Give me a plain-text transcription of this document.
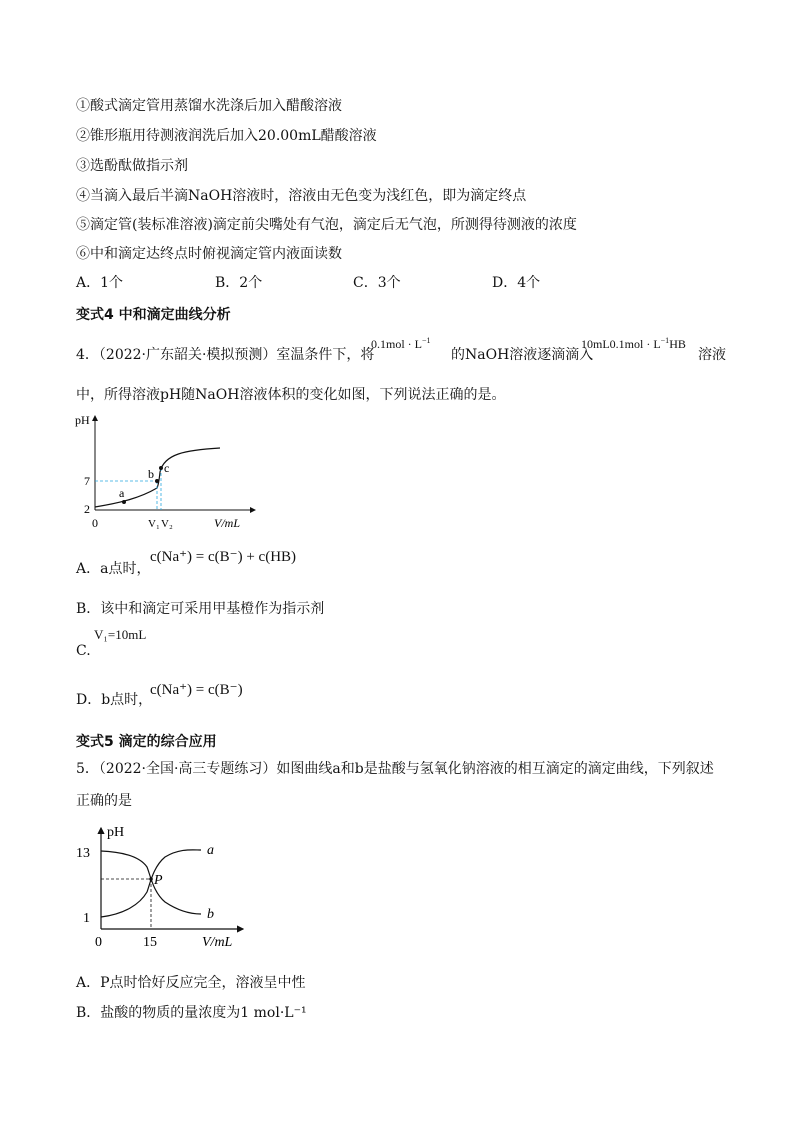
①酸式滴定管用蒸馏水洗涤后加入醋酸溶液
②锥形瓶用待测液润洗后加入20.00mL醋酸溶液
③选酚酞做指示剂
④当滴入最后半滴NaOH溶液时，溶液由无色变为浅红色，即为滴定终点
⑤滴定管(装标准溶液)滴定前尖嘴处有气泡，滴定后无气泡，所测得待测液的浓度
⑥中和滴定达终点时俯视滴定管内液面读数
A．1个	B．2个	C．3个	D．4个
变式4 中和滴定曲线分析
4．（2022·广东韶关·模拟预测）室温条件下，将
$0.1mol \cdot L^{-1}$
的NaOH溶液逐滴滴入
$10mL0.1mol \cdot L^{-1}HB$
溶液
中，所得溶液pH随NaOH溶液体积的变化如图，下列说法正确的是。
pH
7
2
0
a
b c
V₁ V₂	V/mL
A．a点时，
c(Na⁺) = c(B⁻) + c(HB)
B．该中和滴定可采用甲基橙作为指示剂
C.
V₁=10mL
D．b点时，
c(Na⁺) = c(B⁻)
变式5 滴定的综合应用
5．（2022·全国·高三专题练习）如图曲线a和b是盐酸与氢氧化钠溶液的相互滴定的滴定曲线，下列叙述
正确的是
pH
13
1
0	15	V/mL
P
a
b
A．P点时恰好反应完全，溶液呈中性
B．盐酸的物质的量浓度为1 mol·L⁻¹
